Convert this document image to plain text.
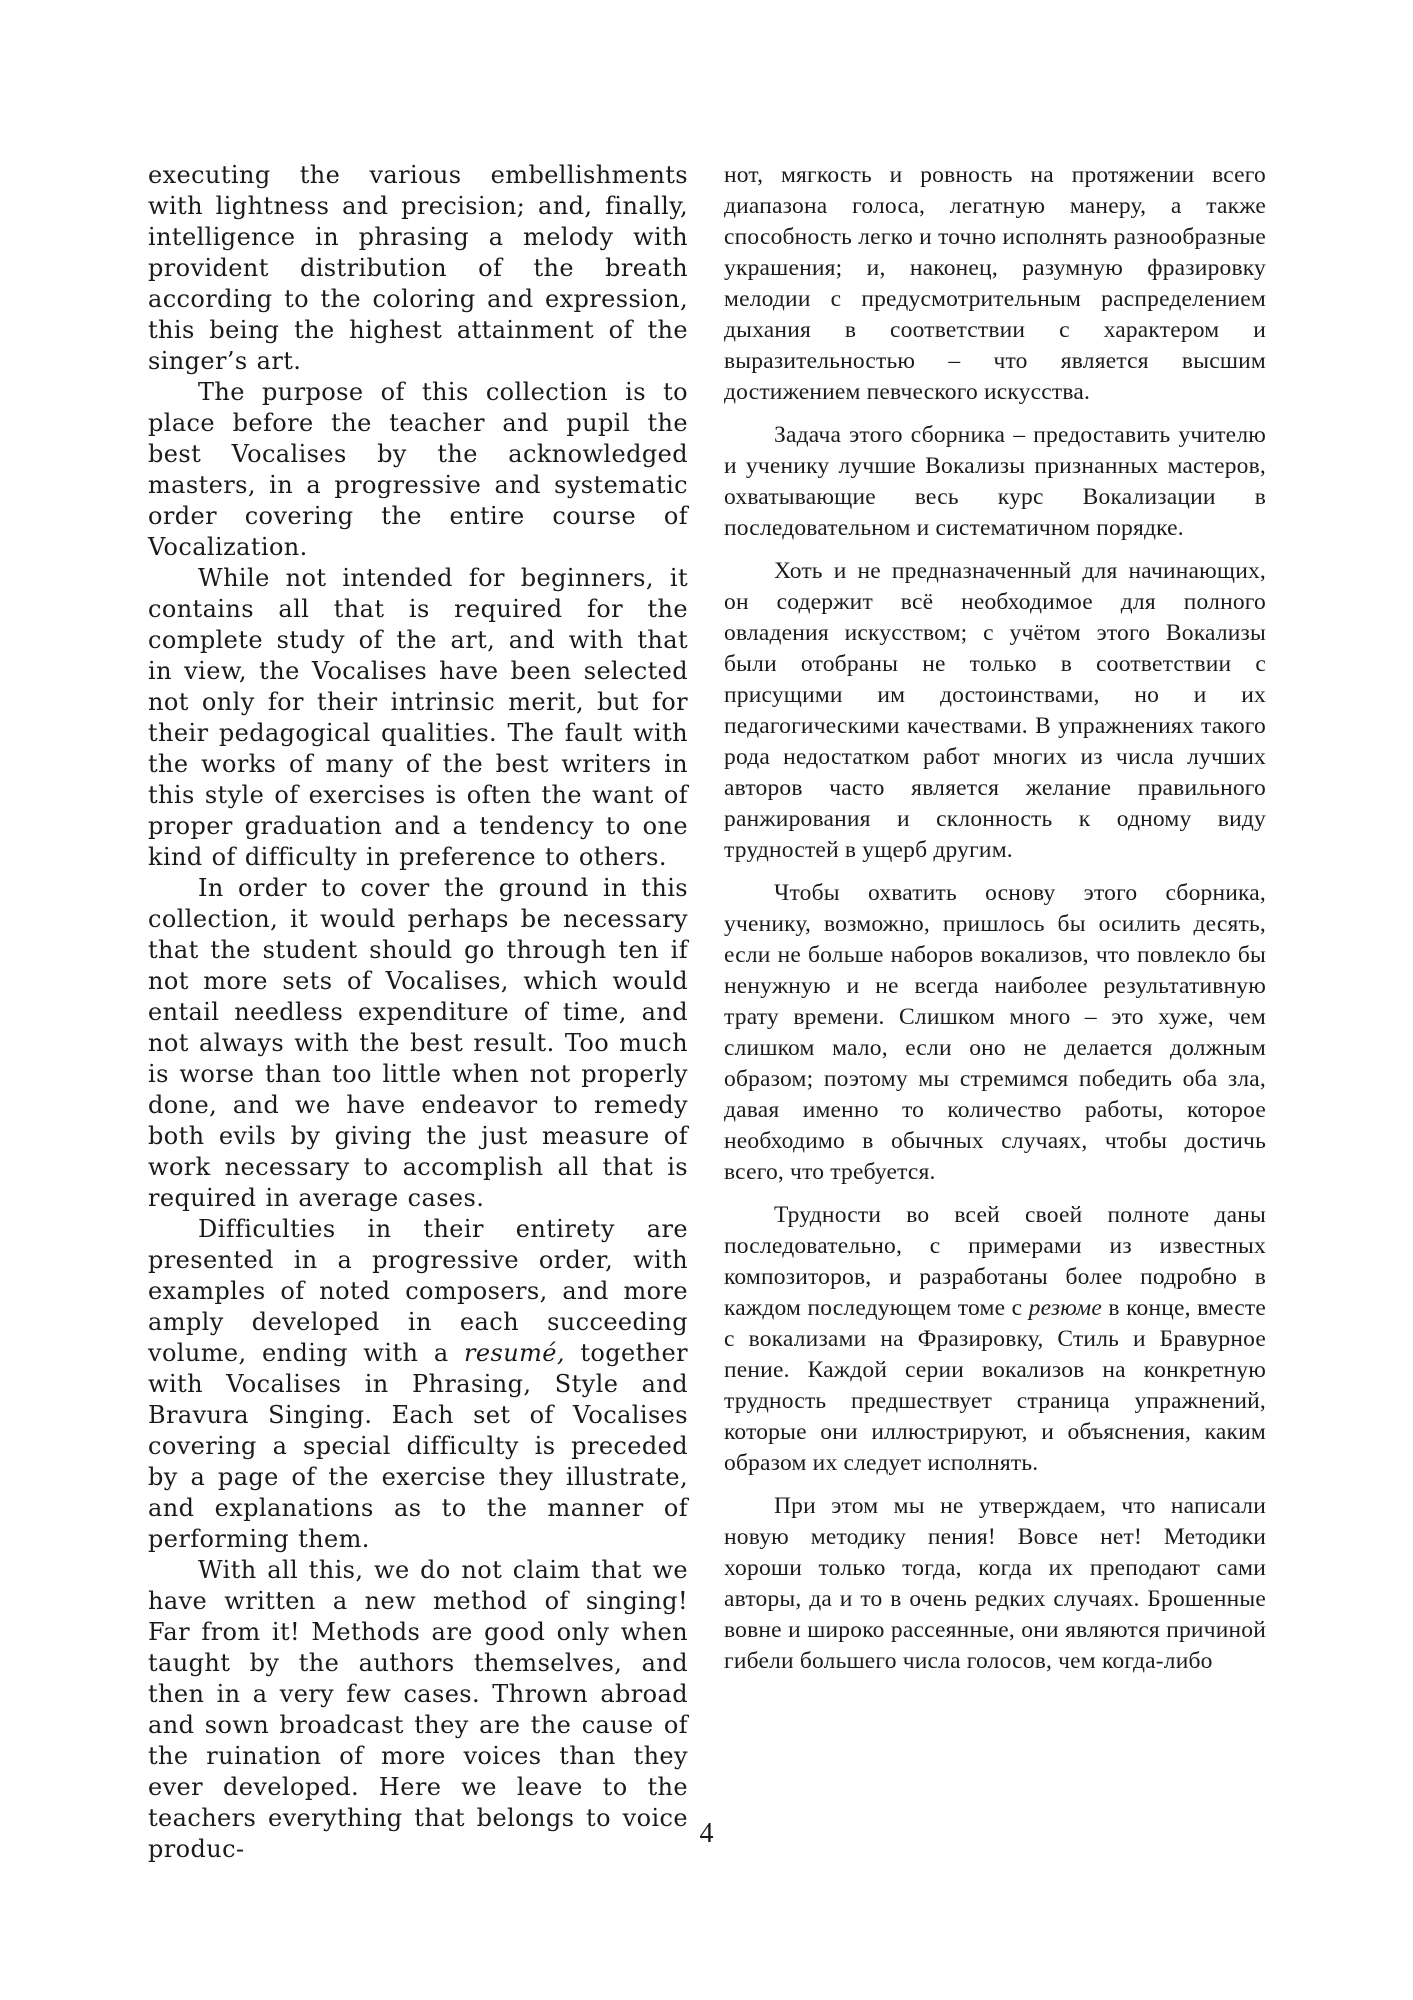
executing the various embellishments with lightness and precision; and, finally, intelligence in phrasing a melody with provident distribution of the breath according to the coloring and expression, this being the highest attainment of the singer’s art.

The purpose of this collection is to place before the teacher and pupil the best Vocalises by the acknowledged masters, in a progressive and systematic order covering the entire course of Vocalization.

While not intended for beginners, it contains all that is required for the complete study of the art, and with that in view, the Vocalises have been selected not only for their intrinsic merit, but for their pedagogical qualities. The fault with the works of many of the best writers in this style of exercises is often the want of proper graduation and a tendency to one kind of difficulty in preference to others.

In order to cover the ground in this collection, it would perhaps be necessary that the student should go through ten if not more sets of Vocalises, which would entail needless expenditure of time, and not always with the best result. Too much is worse than too little when not properly done, and we have endeavor to remedy both evils by giving the just measure of work necessary to accomplish all that is required in average cases.

Difficulties in their entirety are presented in a progressive order, with examples of noted composers, and more amply developed in each succeeding volume, ending with a resumé, together with Vocalises in Phrasing, Style and Bravura Singing. Each set of Vocalises covering a special difficulty is preceded by a page of the exercise they illustrate, and explanations as to the manner of performing them.

With all this, we do not claim that we have written a new method of singing! Far from it! Methods are good only when taught by the authors themselves, and then in a very few cases. Thrown abroad and sown broadcast they are the cause of the ruination of more voices than they ever developed. Here we leave to the teachers everything that belongs to voice produc-

нот, мягкость и ровность на протяжении всего диапазона голоса, легатную манеру, а также способность легко и точно исполнять разнообразные украшения; и, наконец, разумную фразировку мелодии с предусмотрительным распределением дыхания в соответствии с характером и выразительностью – что является высшим достижением певческого искусства.

Задача этого сборника – предоставить учителю и ученику лучшие Вокализы признанных мастеров, охватывающие весь курс Вокализации в последовательном и систематичном порядке.

Хоть и не предназначенный для начинающих, он содержит всё необходимое для полного овладения искусством; с учётом этого Вокализы были отобраны не только в соответствии с присущими им достоинствами, но и их педагогическими качествами. В упражнениях такого рода недостатком работ многих из числа лучших авторов часто является желание правильного ранжирования и склонность к одному виду трудностей в ущерб другим.

Чтобы охватить основу этого сборника, ученику, возможно, пришлось бы осилить десять, если не больше наборов вокализов, что повлекло бы ненужную и не всегда наиболее результативную трату времени. Слишком много – это хуже, чем слишком мало, если оно не делается должным образом; поэтому мы стремимся победить оба зла, давая именно то количество работы, которое необходимо в обычных случаях, чтобы достичь всего, что требуется.

Трудности во всей своей полноте даны последовательно, с примерами из известных композиторов, и разработаны более подробно в каждом последующем томе с резюме в конце, вместе с вокализами на Фразировку, Стиль и Бравурное пение. Каждой серии вокализов на конкретную трудность предшествует страница упражнений, которые они иллюстрируют, и объяснения, каким образом их следует исполнять.

При этом мы не утверждаем, что написали новую методику пения! Вовсе нет! Методики хороши только тогда, когда их преподают сами авторы, да и то в очень редких случаях. Брошенные вовне и широко рассеянные, они являются причиной гибели большего числа голосов, чем когда-либо

4
